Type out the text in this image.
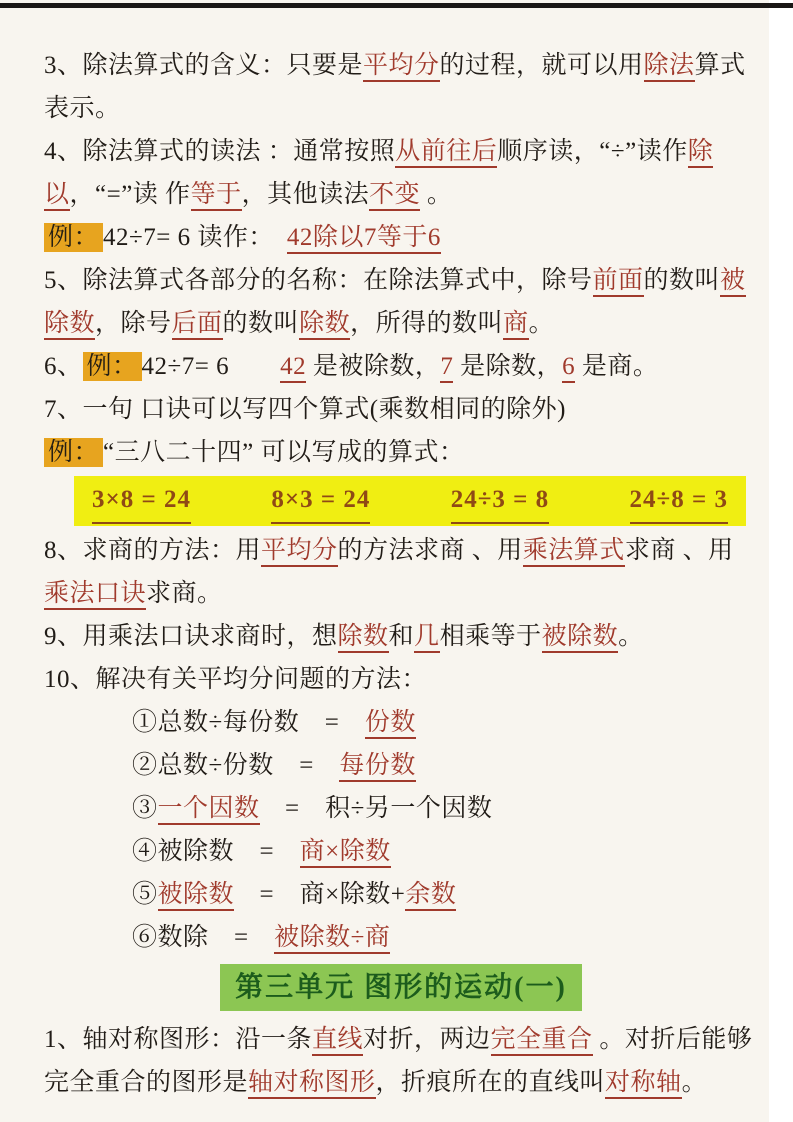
3、除法算式的含义：只要是平均分的过程，就可以用除法算式表示。

4、除法算式的读法 ：通常按照从前往后顺序读，“÷”读作除以，“=”读 作等于，其他读法不变 。

例： 42÷7= 6 读作：　42除以7等于6

5、除法算式各部分的名称：在除法算式中，除号前面的数叫被除数，除号后面的数叫除数，所得的数叫商。

6、 例： 42÷7= 6　　42 是被除数，7 是除数，6 是商。

7、一句 口诀可以写四个算式(乘数相同的除外)

例： “三八二十四” 可以写成的算式：

3×8 = 24	8×3 = 24	24÷3 = 8	24÷8 = 3

8、求商的方法：用平均分的方法求商 、用乘法算式求商 、用乘法口诀求商。

9、用乘法口诀求商时，想除数和几相乘等于被除数。

10、解决有关平均分问题的方法：

①总数÷每份数　=　份数

②总数÷份数　=　每份数

③一个因数　=　积÷另一个因数

④被除数　=　商×除数

⑤被除数　=　商×除数+余数

⑥数除　=　被除数÷商

第三单元 图形的运动(一)

1、轴对称图形：沿一条直线对折，两边完全重合 。对折后能够完全重合的图形是轴对称图形，折痕所在的直线叫对称轴。
